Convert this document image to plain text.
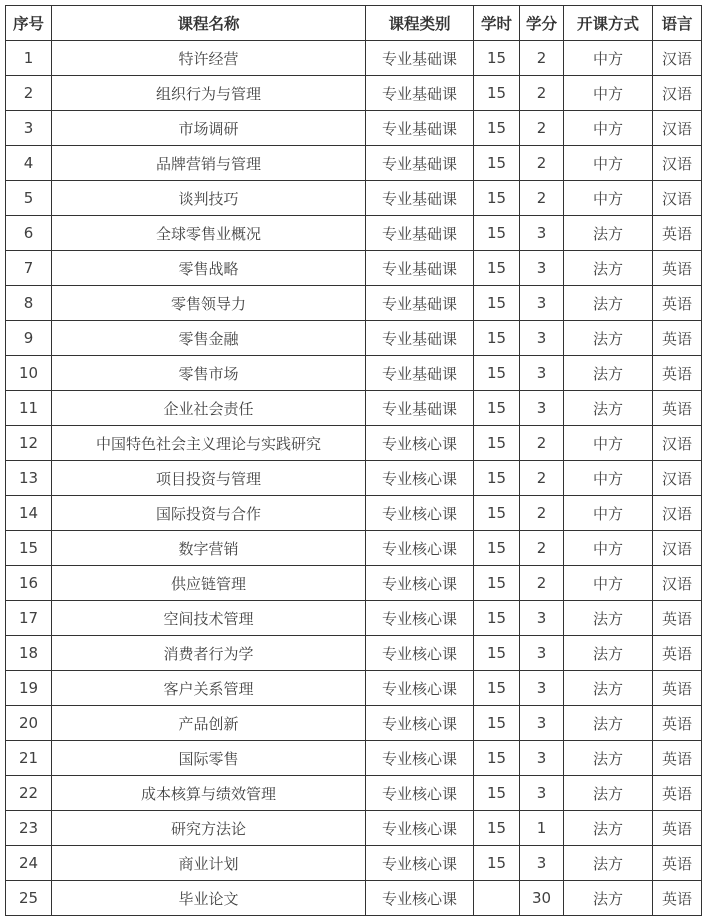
序号	课程名称	课程类别	学时	学分	开课方式	语言
1	特许经营	专业基础课	15	2	中方	汉语
2	组织行为与管理	专业基础课	15	2	中方	汉语
3	市场调研	专业基础课	15	2	中方	汉语
4	品牌营销与管理	专业基础课	15	2	中方	汉语
5	谈判技巧	专业基础课	15	2	中方	汉语
6	全球零售业概况	专业基础课	15	3	法方	英语
7	零售战略	专业基础课	15	3	法方	英语
8	零售领导力	专业基础课	15	3	法方	英语
9	零售金融	专业基础课	15	3	法方	英语
10	零售市场	专业基础课	15	3	法方	英语
11	企业社会责任	专业基础课	15	3	法方	英语
12	中国特色社会主义理论与实践研究	专业核心课	15	2	中方	汉语
13	项目投资与管理	专业核心课	15	2	中方	汉语
14	国际投资与合作	专业核心课	15	2	中方	汉语
15	数字营销	专业核心课	15	2	中方	汉语
16	供应链管理	专业核心课	15	2	中方	汉语
17	空间技术管理	专业核心课	15	3	法方	英语
18	消费者行为学	专业核心课	15	3	法方	英语
19	客户关系管理	专业核心课	15	3	法方	英语
20	产品创新	专业核心课	15	3	法方	英语
21	国际零售	专业核心课	15	3	法方	英语
22	成本核算与绩效管理	专业核心课	15	3	法方	英语
23	研究方法论	专业核心课	15	1	法方	英语
24	商业计划	专业核心课	15	3	法方	英语
25	毕业论文	专业核心课		30	法方	英语
